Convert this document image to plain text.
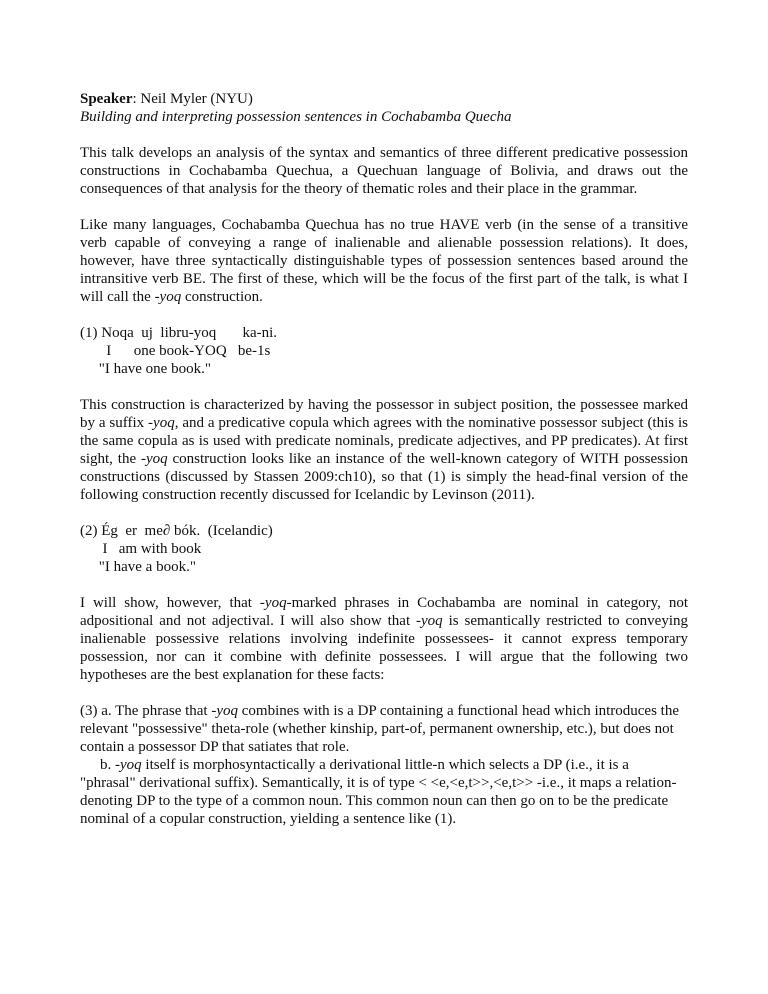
Speaker: Neil Myler (NYU)

Building and interpreting possession sentences in Cochabamba Quecha

This talk develops an analysis of the syntax and semantics of three different predicative possession constructions in Cochabamba Quechua, a Quechuan language of Bolivia, and draws out the consequences of that analysis for the theory of thematic roles and their place in the grammar.

Like many languages, Cochabamba Quechua has no true HAVE verb (in the sense of a transitive verb capable of conveying a range of inalienable and alienable possession relations). It does, however, have three syntactically distinguishable types of possession sentences based around the intransitive verb BE. The first of these, which will be the focus of the first part of the talk, is what I will call the -yoq construction.

(1) Noqa  uj  libru-yoq       ka-ni.
I      one book-YOQ   be-1s
"I have one book."

This construction is characterized by having the possessor in subject position, the possessee marked by a suffix -yoq, and a predicative copula which agrees with the nominative possessor subject (this is the same copula as is used with predicate nominals, predicate adjectives, and PP predicates). At first sight, the -yoq construction looks like an instance of the well-known category of WITH possession constructions (discussed by Stassen 2009:ch10), so that (1) is simply the head-final version of the following construction recently discussed for Icelandic by Levinson (2011).

(2) Ég  er  me∂ bók.  (Icelandic)
I   am with book
"I have a book."

I will show, however, that -yoq-marked phrases in Cochabamba are nominal in category, not adpositional and not adjectival. I will also show that -yoq is semantically restricted to conveying inalienable possessive relations involving indefinite possessees- it cannot express temporary possession, nor can it combine with definite possessees. I will argue that the following two hypotheses are the best explanation for these facts:

(3) a. The phrase that -yoq combines with is a DP containing a functional head which introduces the relevant "possessive" theta-role (whether kinship, part-of, permanent ownership, etc.), but does not contain a possessor DP that satiates that role.

b. -yoq itself is morphosyntactically a derivational little-n which selects a DP (i.e., it is a "phrasal" derivational suffix). Semantically, it is of type < <e,<e,t>>,<e,t>> -i.e., it maps a relation-denoting DP to the type of a common noun. This common noun can then go on to be the predicate nominal of a copular construction, yielding a sentence like (1).
